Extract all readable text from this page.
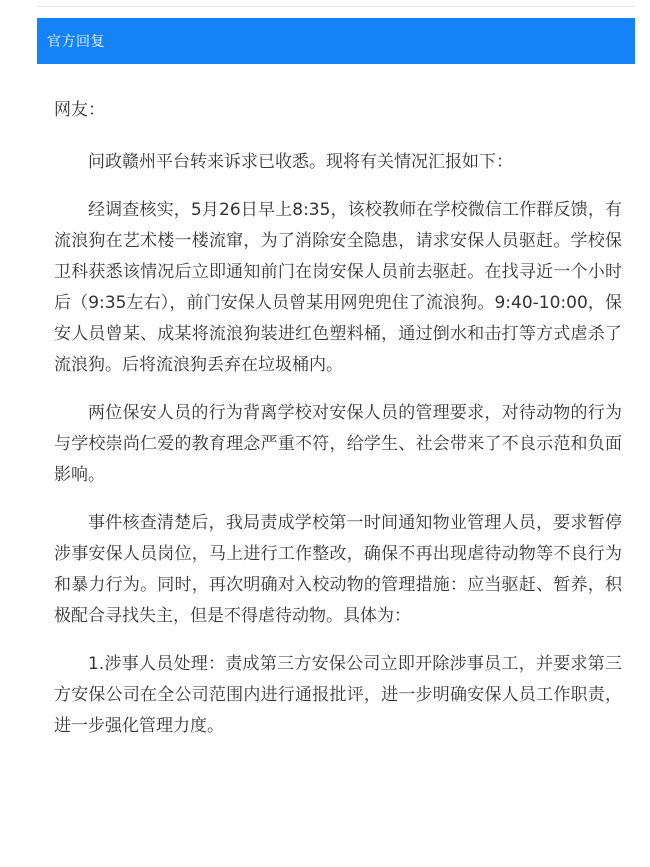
官方回复

网友：

问政赣州平台转来诉求已收悉。现将有关情况汇报如下：

经调查核实，5月26日早上8:35，该校教师在学校微信工作群反馈，有流浪狗在艺术楼一楼流窜，为了消除安全隐患，请求安保人员驱赶。学校保卫科获悉该情况后立即通知前门在岗安保人员前去驱赶。在找寻近一个小时后（9:35左右），前门安保人员曾某用网兜兜住了流浪狗。9:40-10:00，保安人员曾某、成某将流浪狗装进红色塑料桶，通过倒水和击打等方式虐杀了流浪狗。后将流浪狗丢弃在垃圾桶内。

两位保安人员的行为背离学校对安保人员的管理要求，对待动物的行为与学校崇尚仁爱的教育理念严重不符，给学生、社会带来了不良示范和负面影响。

事件核查清楚后，我局责成学校第一时间通知物业管理人员，要求暂停涉事安保人员岗位，马上进行工作整改，确保不再出现虐待动物等不良行为和暴力行为。同时，再次明确对入校动物的管理措施：应当驱赶、暂养，积极配合寻找失主，但是不得虐待动物。具体为：

1.涉事人员处理：责成第三方安保公司立即开除涉事员工，并要求第三方安保公司在全公司范围内进行通报批评，进一步明确安保人员工作职责，进一步强化管理力度。
